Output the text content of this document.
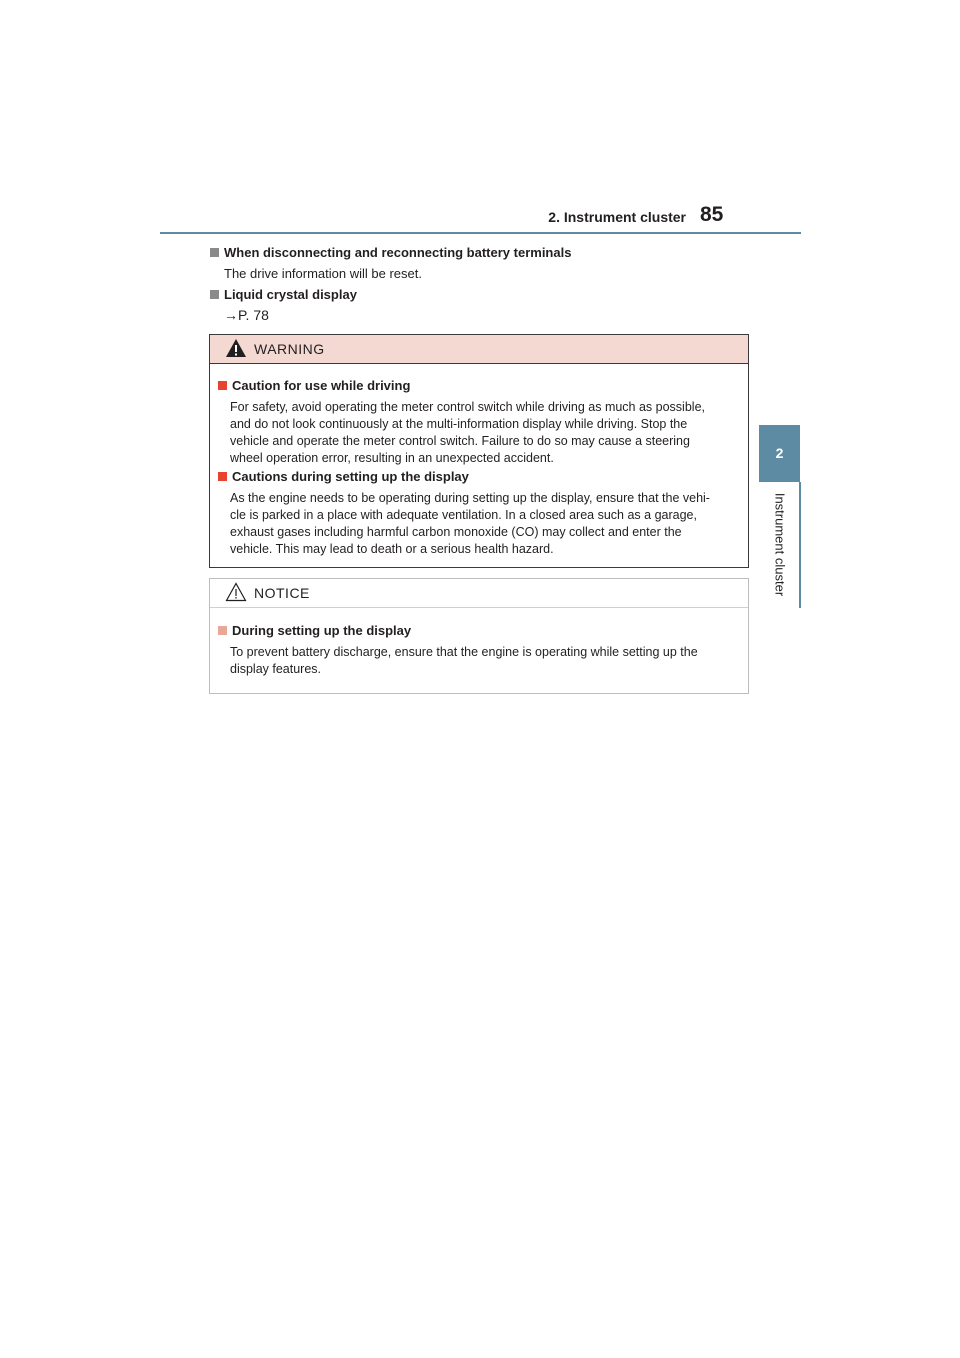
2. Instrument cluster 85
2
Instrument cluster
When disconnecting and reconnecting battery terminals
The drive information will be reset.
Liquid crystal display
→P. 78
WARNING
Caution for use while driving
For safety, avoid operating the meter control switch while driving as much as possible,
and do not look continuously at the multi-information display while driving. Stop the
vehicle and operate the meter control switch. Failure to do so may cause a steering
wheel operation error, resulting in an unexpected accident.
Cautions during setting up the display
As the engine needs to be operating during setting up the display, ensure that the vehi-
cle is parked in a place with adequate ventilation. In a closed area such as a garage,
exhaust gases including harmful carbon monoxide (CO) may collect and enter the
vehicle. This may lead to death or a serious health hazard.
NOTICE
During setting up the display
To prevent battery discharge, ensure that the engine is operating while setting up the
display features.
